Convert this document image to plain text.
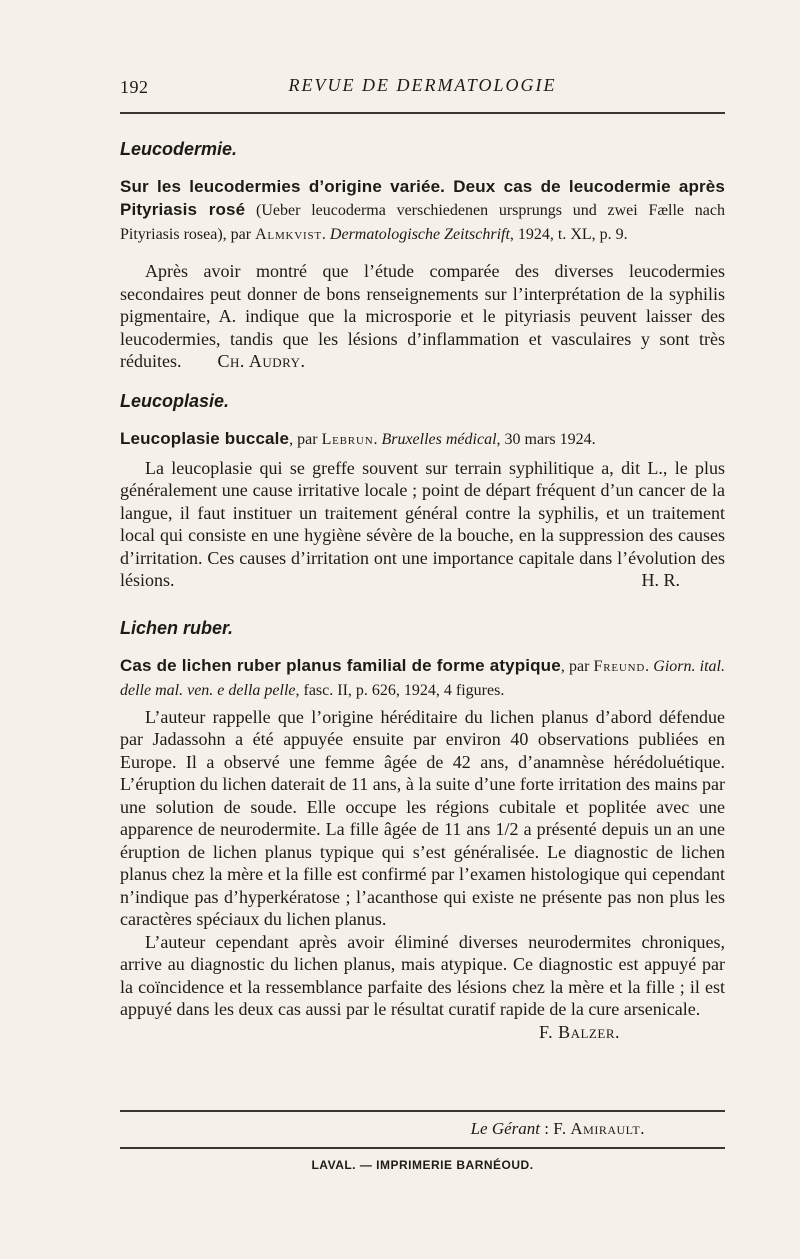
192	REVUE DE DERMATOLOGIE
Leucodermie.

Sur les leucodermies d’origine variée. Deux cas de leucodermie après Pityriasis rosé (Ueber leucoderma verschiedenen ursprungs und zwei Fælle nach Pityriasis rosea), par Almkvist. Dermatologische Zeitschrift, 1924, t. XL, p. 9.

Après avoir montré que l’étude comparée des diverses leucodermies secondaires peut donner de bons renseignements sur l’interprétation de la syphilis pigmentaire, A. indique que la microsporie et le pityriasis peuvent laisser des leucodermies, tandis que les lésions d’inflammation et vasculaires y sont très réduites. Ch. Audry.

Leucoplasie.

Leucoplasie buccale, par Lebrun. Bruxelles médical, 30 mars 1924.

La leucoplasie qui se greffe souvent sur terrain syphilitique a, dit L., le plus généralement une cause irritative locale ; point de départ fréquent d’un cancer de la langue, il faut instituer un traitement général contre la syphilis, et un traitement local qui consiste en une hygiène sévère de la bouche, en la suppression des causes d’irritation. Ces causes d’irritation ont une importance capitale dans l’évolution des lésions.	H. R.

Lichen ruber.

Cas de lichen ruber planus familial de forme atypique, par Freund. Giorn. ital. delle mal. ven. e della pelle, fasc. II, p. 626, 1924, 4 figures.

L’auteur rappelle que l’origine héréditaire du lichen planus d’abord défendue par Jadassohn a été appuyée ensuite par environ 40 observations publiées en Europe. Il a observé une femme âgée de 42 ans, d’anamnèse hérédoluétique. L’éruption du lichen daterait de 11 ans, à la suite d’une forte irritation des mains par une solution de soude. Elle occupe les régions cubitale et poplitée avec une apparence de neurodermite. La fille âgée de 11 ans 1/2 a présenté depuis un an une éruption de lichen planus typique qui s’est généralisée. Le diagnostic de lichen planus chez la mère et la fille est confirmé par l’examen histologique qui cependant n’indique pas d’hyperkératose ; l’acanthose qui existe ne présente pas non plus les caractères spéciaux du lichen planus.

L’auteur cependant après avoir éliminé diverses neurodermites chroniques, arrive au diagnostic du lichen planus, mais atypique. Ce diagnostic est appuyé par la coïncidence et la ressemblance parfaite des lésions chez la mère et la fille ; il est appuyé dans les deux cas aussi par le résultat curatif rapide de la cure arsenicale.

F. Balzer.

Le Gérant : F. Amirault.
LAVAL. — IMPRIMERIE BARNÉOUD.
